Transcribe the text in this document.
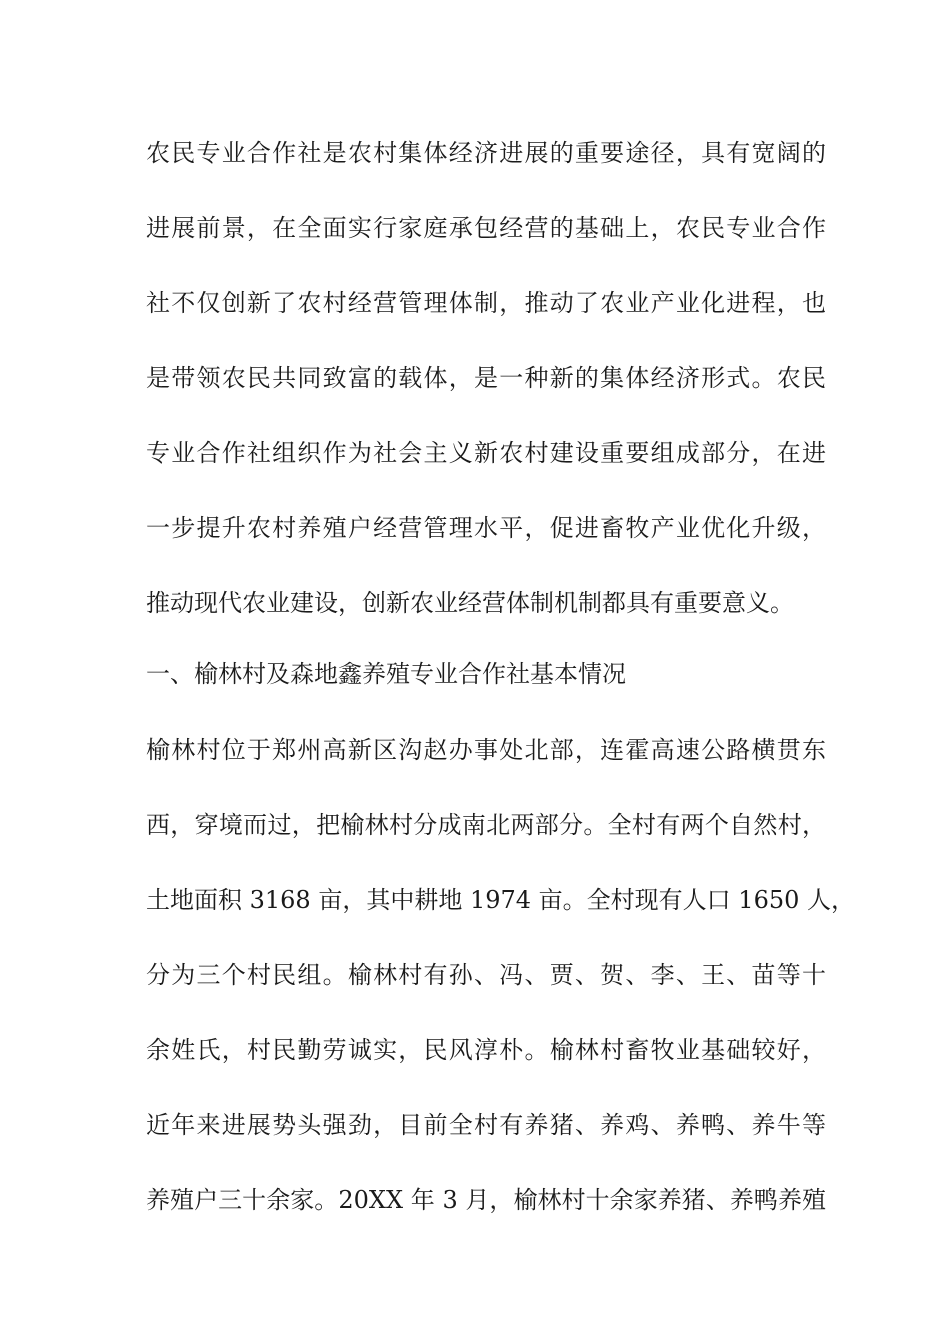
农民专业合作社是农村集体经济进展的重要途径，具有宽阔的
进展前景，在全面实行家庭承包经营的基础上，农民专业合作
社不仅创新了农村经营管理体制，推动了农业产业化进程，也
是带领农民共同致富的载体，是一种新的集体经济形式。农民
专业合作社组织作为社会主义新农村建设重要组成部分，在进
一步提升农村养殖户经营管理水平，促进畜牧产业优化升级，
推动现代农业建设，创新农业经营体制机制都具有重要意义。
一、榆林村及森地鑫养殖专业合作社基本情况
榆林村位于郑州高新区沟赵办事处北部，连霍高速公路横贯东
西，穿境而过，把榆林村分成南北两部分。全村有两个自然村，
土地面积 3168 亩，其中耕地 1974 亩。全村现有人口 1650 人，
分为三个村民组。榆林村有孙、冯、贾、贺、李、王、苗等十
余姓氏，村民勤劳诚实，民风淳朴。榆林村畜牧业基础较好，
近年来进展势头强劲，目前全村有养猪、养鸡、养鸭、养牛等
养殖户三十余家。20XX 年 3 月，榆林村十余家养猪、养鸭养殖
